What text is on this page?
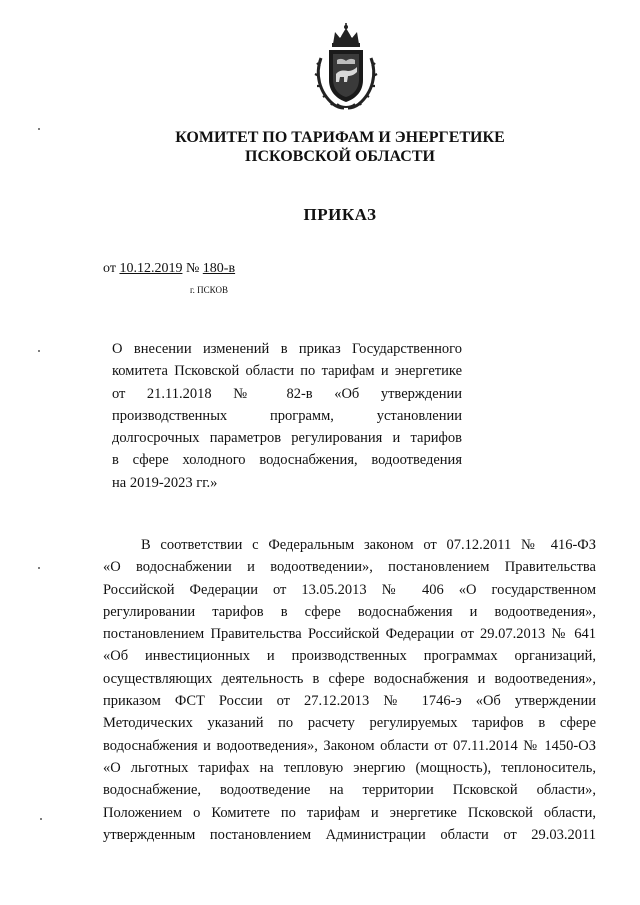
КОМИТЕТ ПО ТАРИФАМ И ЭНЕРГЕТИКЕ
ПСКОВСКОЙ ОБЛАСТИ
ПРИКАЗ
от 10.12.2019 № 180-в
г. ПСКОВ
О внесении изменений в приказ Государственного
комитета Псковской области по тарифам и энергетике
от 21.11.2018 № 82-в «Об утверждении
производственных программ, установлении
долгосрочных параметров регулирования и тарифов
в сфере холодного водоснабжения, водоотведения
на 2019-2023 гг.»
В соответствии с Федеральным законом от 07.12.2011 № 416-ФЗ
«О водоснабжении и водоотведении», постановлением Правительства
Российской Федерации от 13.05.2013 № 406 «О государственном
регулировании тарифов в сфере водоснабжения и водоотведения»,
постановлением Правительства Российской Федерации от 29.07.2013 № 641
«Об инвестиционных и производственных программах организаций,
осуществляющих деятельность в сфере водоснабжения и водоотведения»,
приказом ФСТ России от 27.12.2013 № 1746-э «Об утверждении
Методических указаний по расчету регулируемых тарифов в сфере
водоснабжения и водоотведения», Законом области от 07.11.2014 № 1450-ОЗ
«О льготных тарифах на тепловую энергию (мощность), теплоноситель,
водоснабжение, водоотведение на территории Псковской области»,
Положением о Комитете по тарифам и энергетике Псковской области,
утвержденным постановлением Администрации области от 29.03.2011
